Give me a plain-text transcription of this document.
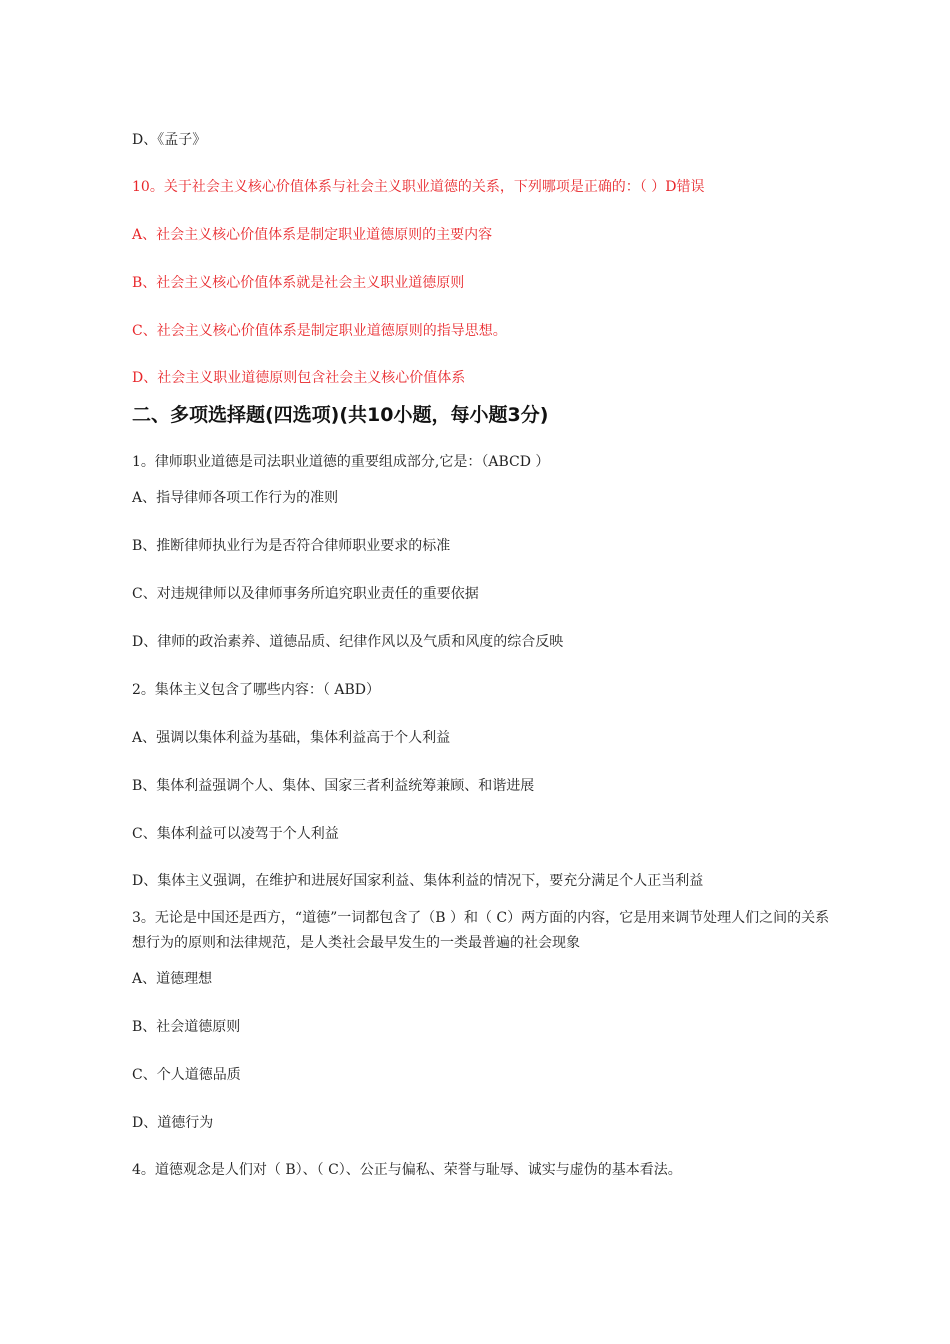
D、《孟子》
10。关于社会主义核心价值体系与社会主义职业道德的关系，下列哪项是正确的：（ ）D错误
A、社会主义核心价值体系是制定职业道德原则的主要内容
B、社会主义核心价值体系就是社会主义职业道德原则
C、社会主义核心价值体系是制定职业道德原则的指导思想。
D、社会主义职业道德原则包含社会主义核心价值体系
二、多项选择题(四选项)(共10小题，每小题3分)
1。律师职业道德是司法职业道德的重要组成部分,它是：（ABCD ）
A、指导律师各项工作行为的准则
B、推断律师执业行为是否符合律师职业要求的标准
C、对违规律师以及律师事务所追究职业责任的重要依据
D、律师的政治素养、道德品质、纪律作风以及气质和风度的综合反映
2。集体主义包含了哪些内容：（ ABD）
A、强调以集体利益为基础，集体利益高于个人利益
B、集体利益强调个人、集体、国家三者利益统筹兼顾、和谐进展
C、集体利益可以凌驾于个人利益
D、集体主义强调，在维护和进展好国家利益、集体利益的情况下，要充分满足个人正当利益
3。无论是中国还是西方，“道德”一词都包含了（B ）和（ C）两方面的内容，它是用来调节处理人们之间的关系
想行为的原则和法律规范，是人类社会最早发生的一类最普遍的社会现象
A、道德理想
B、社会道德原则
C、个人道德品质
D、道德行为
4。道德观念是人们对（ B）、（ C）、公正与偏私、荣誉与耻辱、诚实与虚伪的基本看法。
